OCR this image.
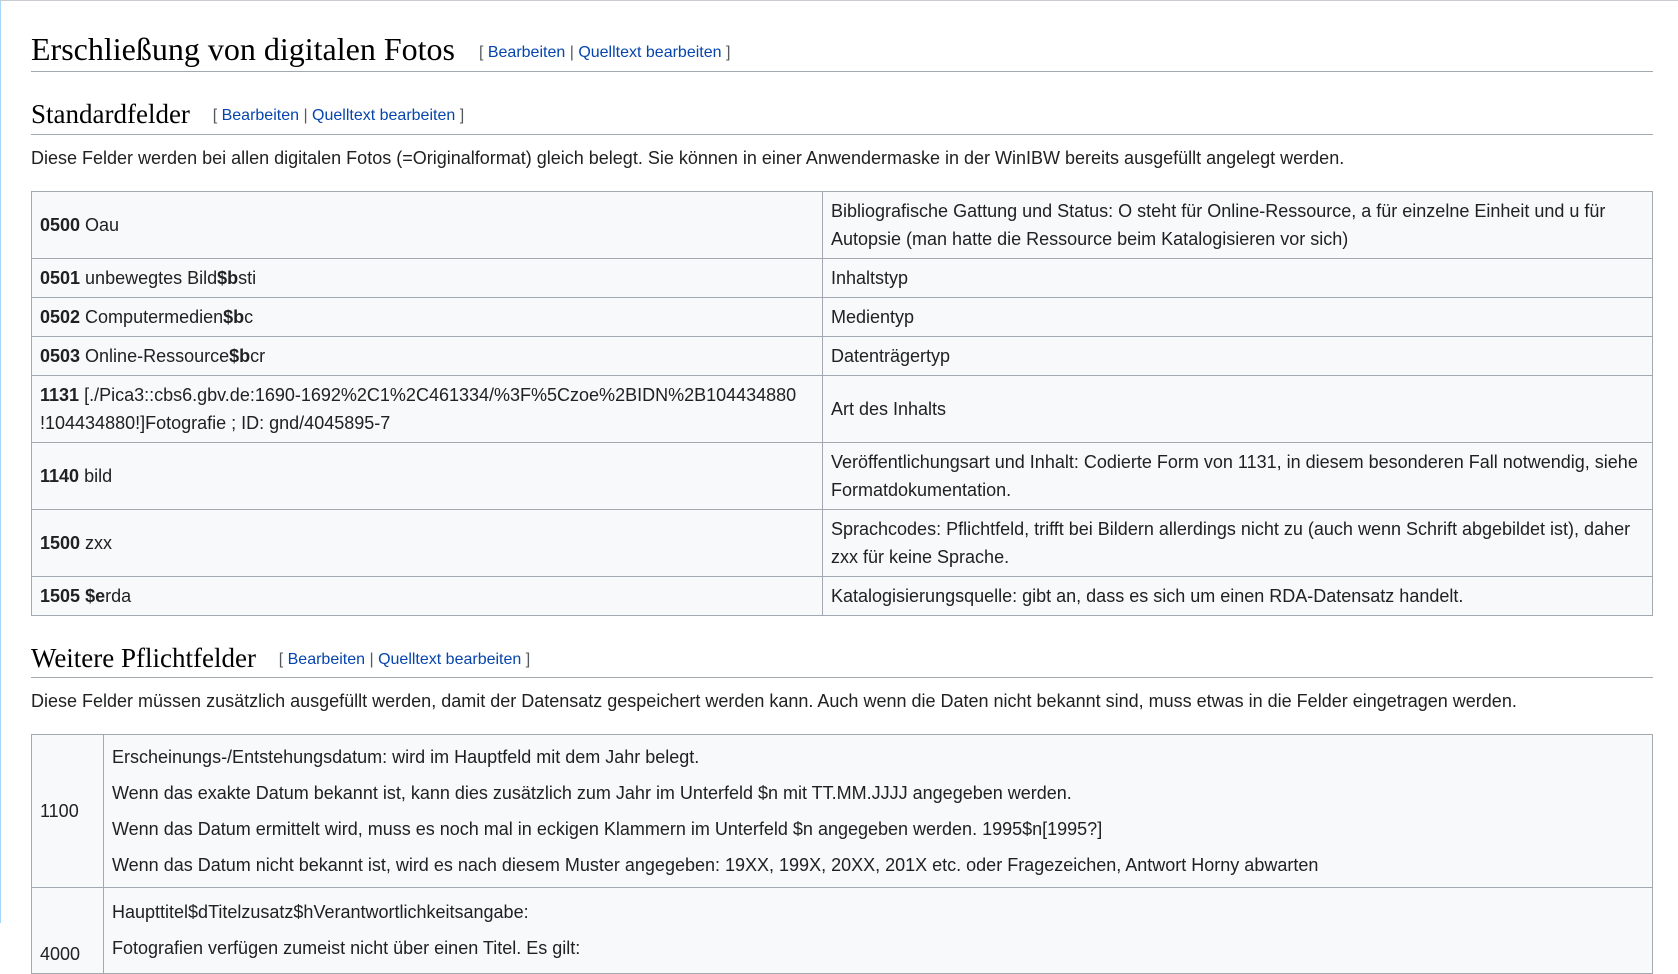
Erschließung von digitalen Fotos [ Bearbeiten | Quelltext bearbeiten ]
Standardfelder [ Bearbeiten | Quelltext bearbeiten ]

Diese Felder werden bei allen digitalen Fotos (=Originalformat) gleich belegt. Sie können in einer Anwendermaske in der WinIBW bereits ausgefüllt angelegt werden.

0500 Oau	Bibliografische Gattung und Status: O steht für Online-Ressource, a für einzelne Einheit und u für Autopsie (man hatte die Ressource beim Katalogisieren vor sich)
0501 unbewegtes Bild$bsti	Inhaltstyp
0502 Computermedien$bc	Medientyp
0503 Online-Ressource$bcr	Datenträgertyp
1131 [./Pica3::cbs6.gbv.de:1690-1692%2C1%2C461334/%3F%5Czoe%2BIDN%2B104434880 !104434880!]Fotografie ; ID: gnd/4045895-7	Art des Inhalts
1140 bild	Veröffentlichungsart und Inhalt: Codierte Form von 1131, in diesem besonderen Fall notwendig, siehe Formatdokumentation.
1500 zxx	Sprachcodes: Pflichtfeld, trifft bei Bildern allerdings nicht zu (auch wenn Schrift abgebildet ist), daher zxx für keine Sprache.
1505 $erda	Katalogisierungsquelle: gibt an, dass es sich um einen RDA-Datensatz handelt.
Weitere Pflichtfelder [ Bearbeiten | Quelltext bearbeiten ]

Diese Felder müssen zusätzlich ausgefüllt werden, damit der Datensatz gespeichert werden kann. Auch wenn die Daten nicht bekannt sind, muss etwas in die Felder eingetragen werden.

1100	Erscheinungs-/Entstehungsdatum: wird im Hauptfeld mit dem Jahr belegt.

Wenn das exakte Datum bekannt ist, kann dies zusätzlich zum Jahr im Unterfeld $n mit TT.MM.JJJJ angegeben werden.

Wenn das Datum ermittelt wird, muss es noch mal in eckigen Klammern im Unterfeld $n angegeben werden. 1995$n[1995?]

Wenn das Datum nicht bekannt ist, wird es nach diesem Muster angegeben: 19XX, 199X, 20XX, 201X etc. oder Fragezeichen, Antwort Horny abwarten

4000	Haupttitel$dTitelzusatz$hVerantwortlichkeitsangabe:

Fotografien verfügen zumeist nicht über einen Titel. Es gilt:
